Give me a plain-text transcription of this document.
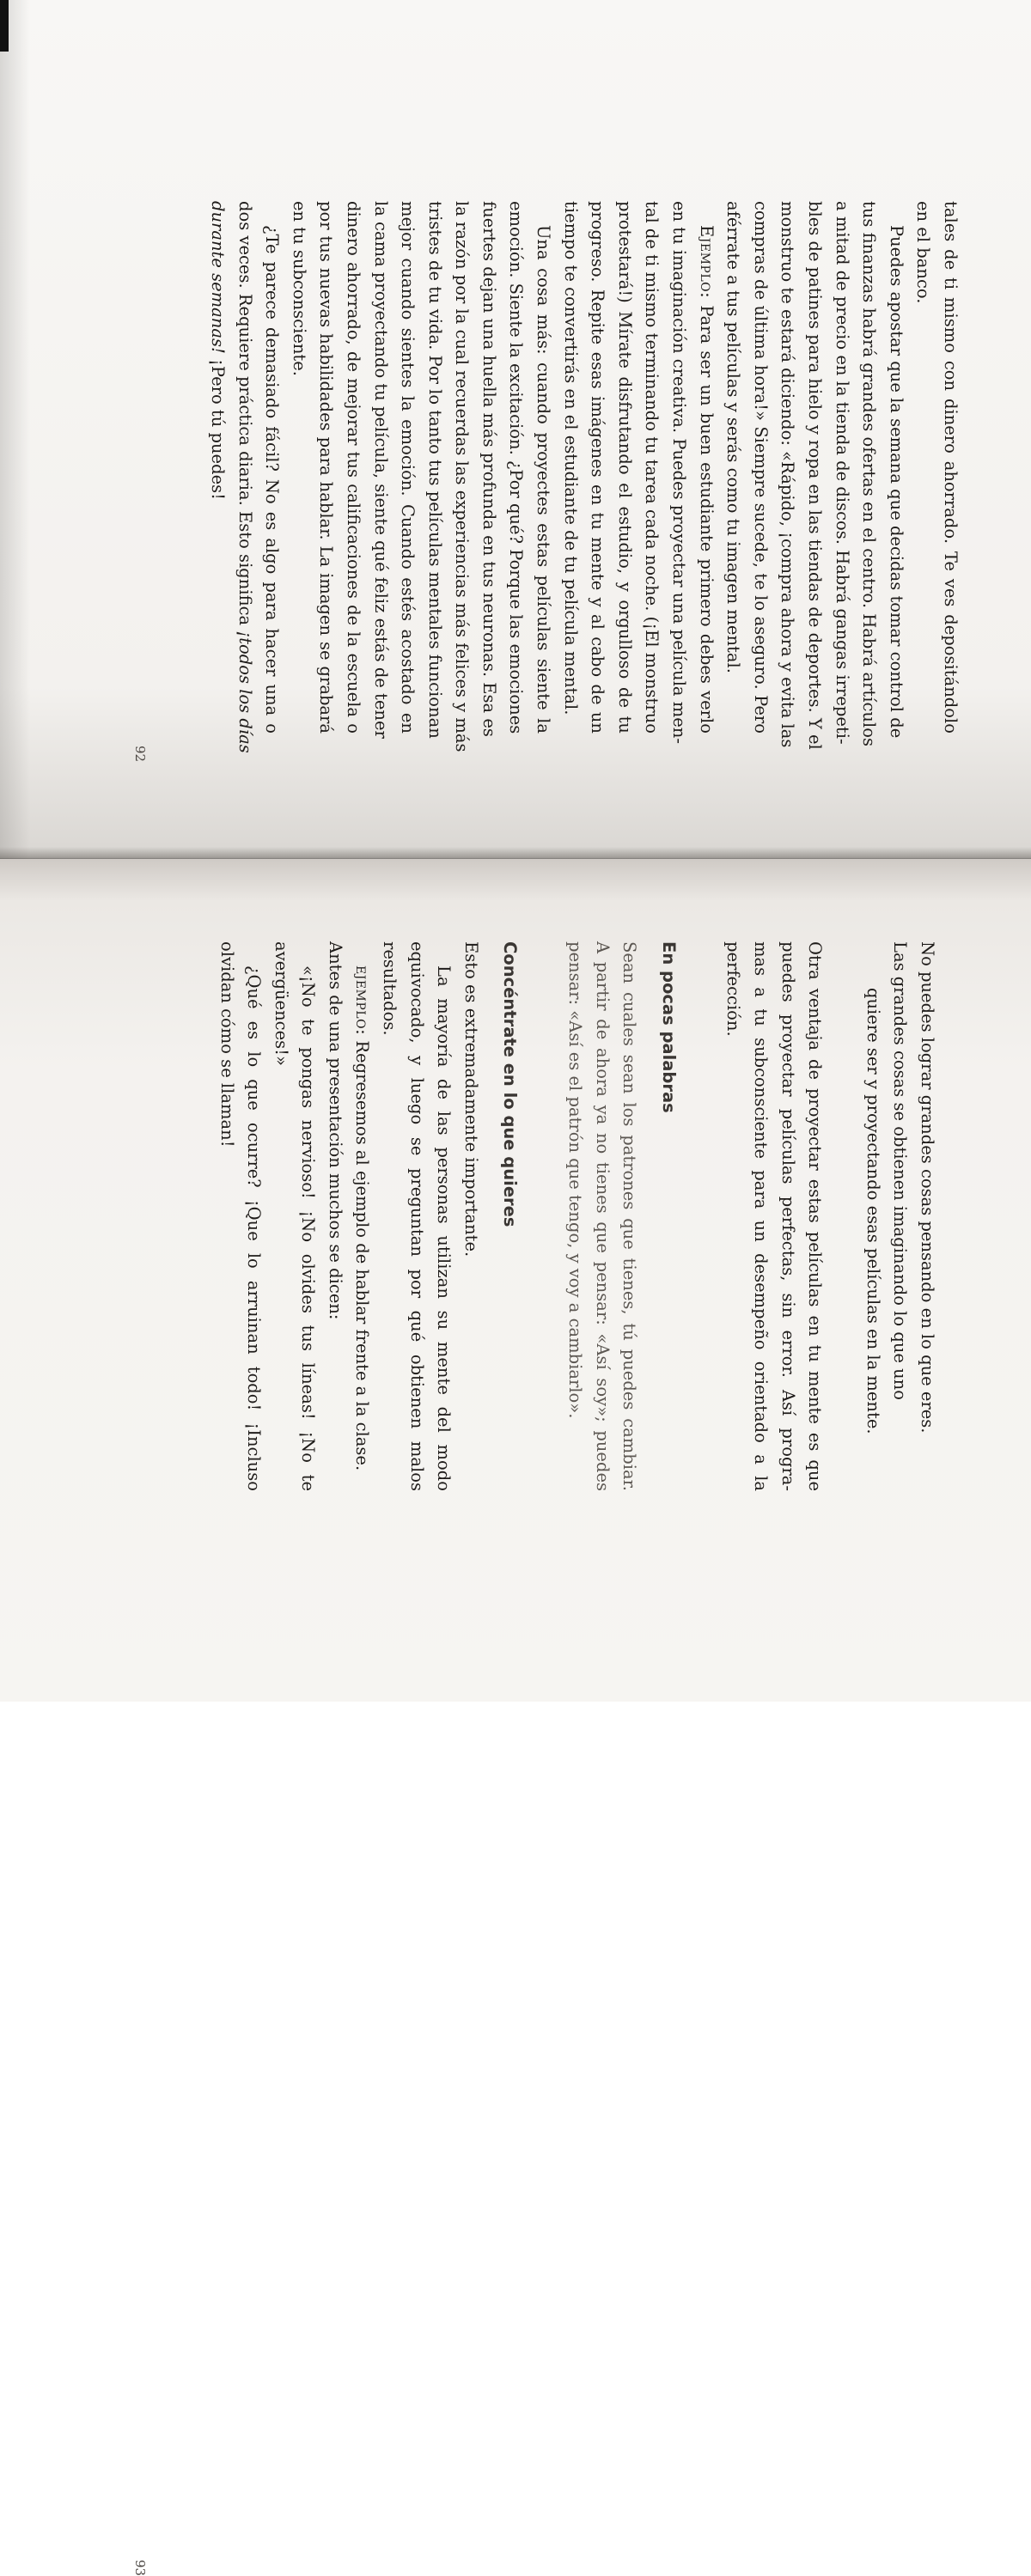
tales de ti mismo con dinero ahorrado. Te ves depositándolo
en el banco.
Puedes apostar que la semana que decidas tomar control de
tus finanzas habrá grandes ofertas en el centro. Habrá artículos
a mitad de precio en la tienda de discos. Habrá gangas irrepeti-
bles de patines para hielo y ropa en las tiendas de deportes. Y el
monstruo te estará diciendo: «Rápido, ¡compra ahora y evita las
compras de última hora!» Siempre sucede, te lo aseguro. Pero
aférrate a tus películas y serás como tu imagen mental.
Ejemplo: Para ser un buen estudiante primero debes verlo
en tu imaginación creativa. Puedes proyectar una película men-
tal de ti mismo terminando tu tarea cada noche. (¡El monstruo
protestará!) Mírate disfrutando el estudio, y orgulloso de tu
progreso. Repite esas imágenes en tu mente y al cabo de un
tiempo te convertirás en el estudiante de tu película mental.
Una cosa más: cuando proyectes estas películas siente la
emoción. Siente la excitación. ¿Por qué? Porque las emociones
fuertes dejan una huella más profunda en tus neuronas. Esa es
la razón por la cual recuerdas las experiencias más felices y más
tristes de tu vida. Por lo tanto tus películas mentales funcionan
mejor cuando sientes la emoción. Cuando estés acostado en
la cama proyectando tu película, siente qué feliz estás de tener
dinero ahorrado, de mejorar tus calificaciones de la escuela o
por tus nuevas habilidades para hablar. La imagen se grabará
en tu subconsciente.
¿Te parece demasiado fácil? No es algo para hacer una o
dos veces. Requiere práctica diaria. Esto significa ¡todos los días
durante semanas! ¡Pero tú puedes!
92
No puedes lograr grandes cosas pensando en lo que eres.
Las grandes cosas se obtienen imaginando lo que uno
quiere ser y proyectando esas películas en la mente.
Otra ventaja de proyectar estas películas en tu mente es que
puedes proyectar películas perfectas, sin error. Así progra-
mas a tu subconsciente para un desempeño orientado a la
perfección.
En pocas palabras
Sean cuales sean los patrones que tienes, tú puedes cambiar.
A partir de ahora ya no tienes que pensar: «Así soy»; puedes
pensar: «Así es el patrón que tengo, y voy a cambiarlo».
Concéntrate en lo que quieres
Esto es extremadamente importante.
La mayoría de las personas utilizan su mente del modo
equivocado, y luego se preguntan por qué obtienen malos
resultados.
ejemplo: Regresemos al ejemplo de hablar frente a la clase.
Antes de una presentación muchos se dicen:
«¡No te pongas nervioso! ¡No olvides tus líneas! ¡No te
avergüences!»
¿Qué es lo que ocurre? ¡Que lo arruinan todo! ¡Incluso
olvidan cómo se llaman!
93
